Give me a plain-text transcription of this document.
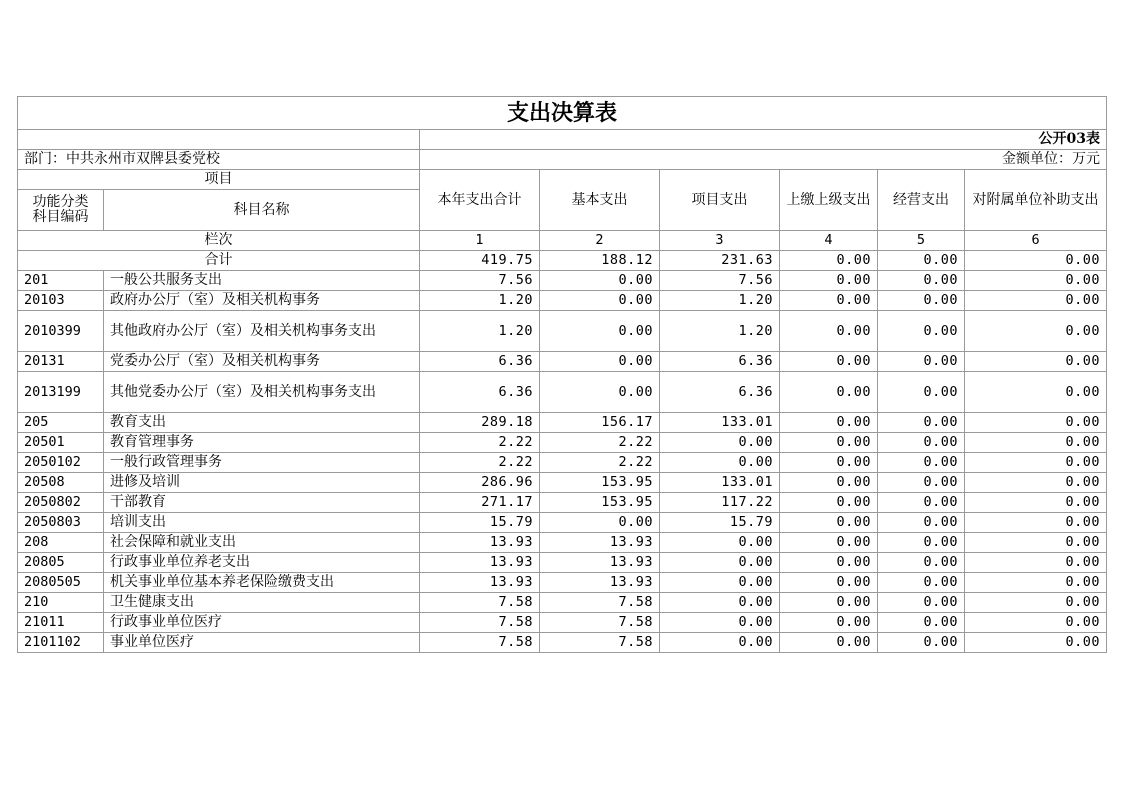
支出决算表							
		公开03表					
部门：中共永州市双牌县委党校		金额单位：万元					
项目		本年支出合计	基本支出	项目支出	上缴上级支出	经营支出	对附属单位补助支出
功能分类科目编码	科目名称						
栏次		1	2	3	4	5	6
合计		419.75	188.12	231.63	0.00	0.00	0.00
201	一般公共服务支出	7.56	0.00	7.56	0.00	0.00	0.00
20103	政府办公厅（室）及相关机构事务	1.20	0.00	1.20	0.00	0.00	0.00
2010399	其他政府办公厅（室）及相关机构事务支出	1.20	0.00	1.20	0.00	0.00	0.00
20131	党委办公厅（室）及相关机构事务	6.36	0.00	6.36	0.00	0.00	0.00
2013199	其他党委办公厅（室）及相关机构事务支出	6.36	0.00	6.36	0.00	0.00	0.00
205	教育支出	289.18	156.17	133.01	0.00	0.00	0.00
20501	教育管理事务	2.22	2.22	0.00	0.00	0.00	0.00
2050102	一般行政管理事务	2.22	2.22	0.00	0.00	0.00	0.00
20508	进修及培训	286.96	153.95	133.01	0.00	0.00	0.00
2050802	干部教育	271.17	153.95	117.22	0.00	0.00	0.00
2050803	培训支出	15.79	0.00	15.79	0.00	0.00	0.00
208	社会保障和就业支出	13.93	13.93	0.00	0.00	0.00	0.00
20805	行政事业单位养老支出	13.93	13.93	0.00	0.00	0.00	0.00
2080505	机关事业单位基本养老保险缴费支出	13.93	13.93	0.00	0.00	0.00	0.00
210	卫生健康支出	7.58	7.58	0.00	0.00	0.00	0.00
21011	行政事业单位医疗	7.58	7.58	0.00	0.00	0.00	0.00
2101102	事业单位医疗	7.58	7.58	0.00	0.00	0.00	0.00
